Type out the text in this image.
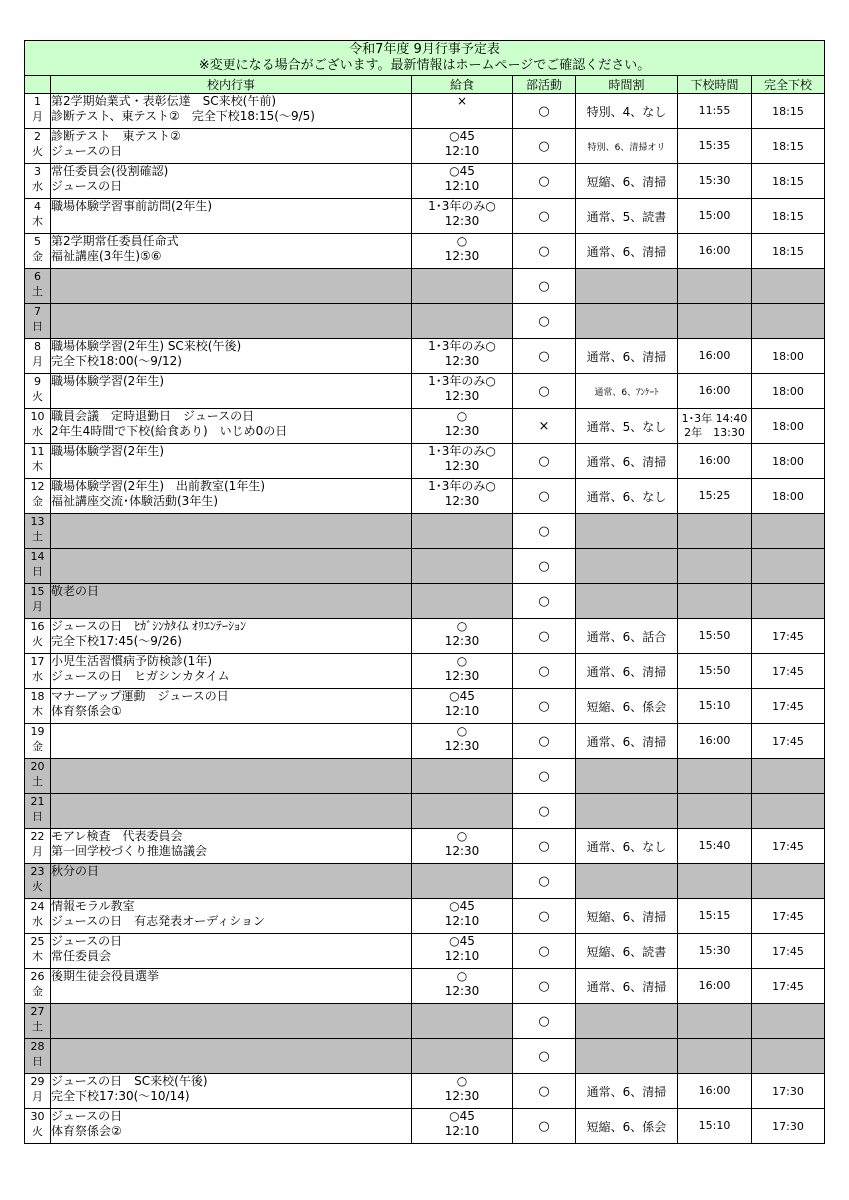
令和7年度 9月行事予定表
※変更になる場合がございます。最新情報はホームページでご確認ください。						

	校内行事	給食	部活動	時間割	下校時間	完全下校

1
月	第2学期始業式・表彰伝達　SC来校(午前)
診断テスト、東テスト②　完全下校18:15(～9/5)	×	○	特別、4、なし	11:55	18:15

2
火	診断テスト　東テスト②
ジュースの日	○45
12:10	○	特別、6、清掃オリ	15:35	18:15

3
水	常任委員会(役割確認)
ジュースの日	○45
12:10	○	短縮、6、清掃	15:30	18:15

4
木	職場体験学習事前訪問(2年生)	1･3年のみ○
12:30	○	通常、5、読書	15:00	18:15

5
金	第2学期常任委員任命式
福祉講座(3年生)⑤⑥	○
12:30	○	通常、6、清掃	16:00	18:15

6
土			○		

7
日			○		

8
月	職場体験学習(2年生) SC来校(午後)
完全下校18:00(～9/12)	1･3年のみ○
12:30	○	通常、6、清掃	16:00	18:00

9
火	職場体験学習(2年生)	1･3年のみ○
12:30	○	通常、6、ｱﾝｹｰﾄ	16:00	18:00

10
水	職員会議　定時退勤日　ジュースの日
2年生4時間で下校(給食あり)　いじめ0の日	○
12:30	×	通常、5、なし	1･3年 14:40
2年　13:30	18:00

11
木	職場体験学習(2年生)	1･3年のみ○
12:30	○	通常、6、清掃	16:00	18:00

12
金	職場体験学習(2年生)　出前教室(1年生)
福祉講座交流･体験活動(3年生)	1･3年のみ○
12:30	○	通常、6、なし	15:25	18:00

13
土			○		

14
日			○		

15
月	敬老の日		○		

16
火	ジュースの日　ﾋｶﾞｼﾝｶﾀｲﾑ ｵﾘｴﾝﾃｰｼｮﾝ
完全下校17:45(～9/26)	○
12:30	○	通常、6、話合	15:50	17:45

17
水	小児生活習慣病予防検診(1年)
ジュースの日　ヒガシンカタイム	○
12:30	○	通常、6、清掃	15:50	17:45

18
木	マナーアップ運動　ジュースの日
体育祭係会①	○45
12:10	○	短縮、6、係会	15:10	17:45

19
金		○
12:30	○	通常、6、清掃	16:00	17:45

20
土			○		

21
日			○		

22
月	モアレ検査　代表委員会
第一回学校づくり推進協議会	○
12:30	○	通常、6、なし	15:40	17:45

23
火	秋分の日		○		

24
水	情報モラル教室
ジュースの日　有志発表オーディション	○45
12:10	○	短縮、6、清掃	15:15	17:45

25
木	ジュースの日
常任委員会	○45
12:10	○	短縮、6、読書	15:30	17:45

26
金	後期生徒会役員選挙	○
12:30	○	通常、6、清掃	16:00	17:45

27
土			○		

28
日			○		

29
月	ジュースの日　SC来校(午後)
完全下校17:30(～10/14)	○
12:30	○	通常、6、清掃	16:00	17:30

30
火	ジュースの日
体育祭係会②	○45
12:10	○	短縮、6、係会	15:10	17:30
